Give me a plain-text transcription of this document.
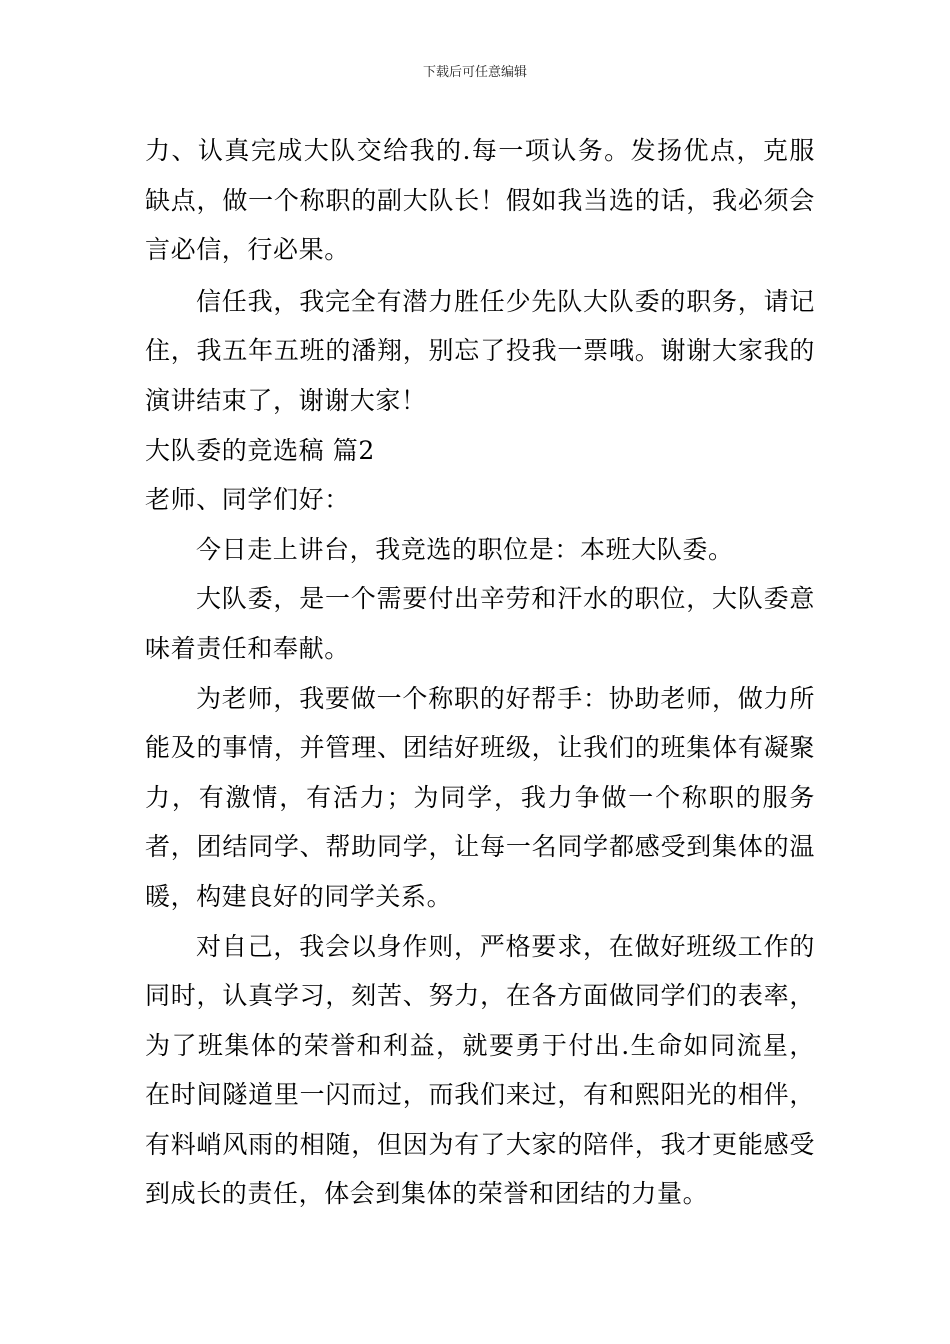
下载后可任意编辑

力、认真完成大队交给我的.每一项认务。发扬优点，克服缺点，做一个称职的副大队长！假如我当选的话，我必须会言必信，行必果。

信任我，我完全有潜力胜任少先队大队委的职务，请记住，我五年五班的潘翔，别忘了投我一票哦。谢谢大家我的演讲结束了，谢谢大家！

大队委的竞选稿 篇2

老师、同学们好：

今日走上讲台，我竞选的职位是：本班大队委。

大队委，是一个需要付出辛劳和汗水的职位，大队委意味着责任和奉献。

为老师，我要做一个称职的好帮手：协助老师，做力所能及的事情，并管理、团结好班级，让我们的班集体有凝聚力，有激情，有活力；为同学，我力争做一个称职的服务者，团结同学、帮助同学，让每一名同学都感受到集体的温暖，构建良好的同学关系。

对自己，我会以身作则，严格要求，在做好班级工作的同时，认真学习，刻苦、努力，在各方面做同学们的表率，为了班集体的荣誉和利益，就要勇于付出.生命如同流星，在时间隧道里一闪而过，而我们来过，有和熙阳光的相伴，有料峭风雨的相随，但因为有了大家的陪伴，我才更能感受到成长的责任，体会到集体的荣誉和团结的力量。
